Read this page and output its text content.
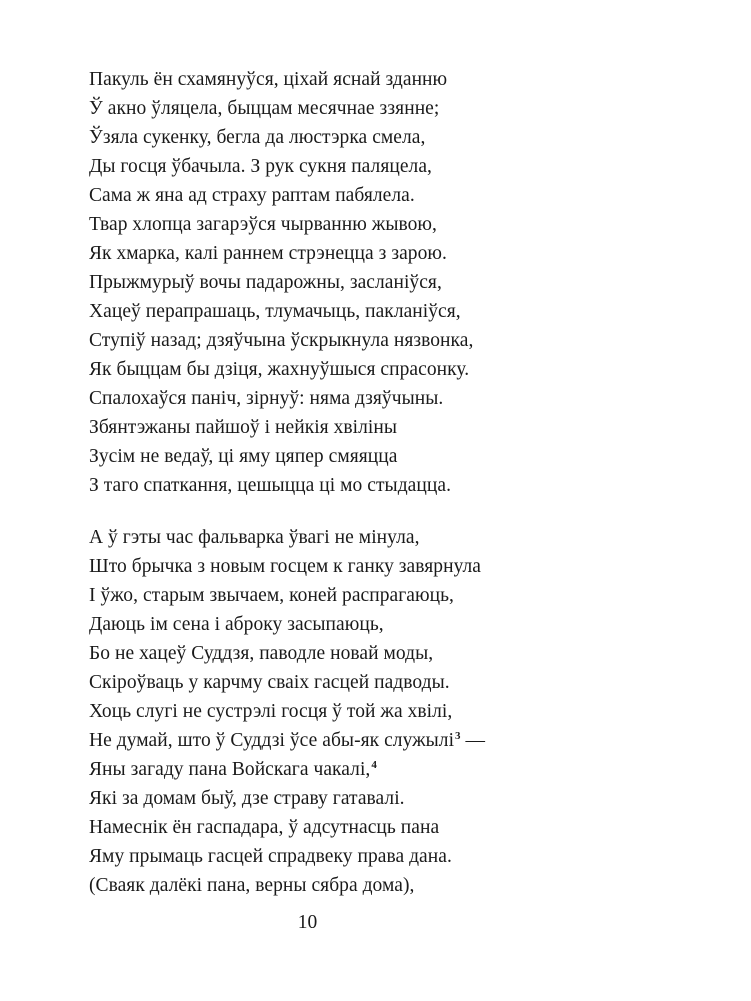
Пакуль ён схамянуўся, ціхай яснай зданню
Ў акно ўляцела, быццам месячнае ззянне;
Ўзяла сукенку, бегла да люстэрка смела,
Ды госця ўбачыла. З рук сукня паляцела,
Сама ж яна ад страху раптам пабялела.
Твар хлопца загарэўся чырванню жывою,
Як хмарка, калі раннем стрэнецца з зарою.
Прыжмурыў вочы падарожны, засланіўся,
Хацеў перапрашаць, тлумачыць, пакланіўся,
Ступіў назад; дзяўчына ўскрыкнула нязвонка,
Як быццам бы дзіця, жахнуўшыся спрасонку.
Спалохаўся паніч, зірнуў: няма дзяўчыны.
Збянтэжаны пайшоў і нейкія хвіліны
Зусім не ведаў, ці яму цяпер смяяцца
З таго спаткання, цешыцца ці мо стыдацца.
А ў гэты час фальварка ўвагі не мінула,
Што брычка з новым госцем к ганку завярнула
І ўжо, старым звычаем, коней распрагаюць,
Даюць ім сена і аброку засыпаюць,
Бо не хацеў Суддзя, паводле новай моды,
Скіроўваць у карчму сваіх гасцей падводы.
Хоць слугі не сустрэлі госця ў той жа хвілі,
Не думай, што ў Суддзі ўсе абы-як служылі$^3$ —
Яны загаду пана Войскага чакалі,$^4$
Які за домам быў, дзе страву гатавалі.
Намеснік ён гаспадара, ў адсутнасць пана
Яму прымаць гасцей спрадвеку права дана.
(Сваяк далёкі пана, верны сябра дома),
10
